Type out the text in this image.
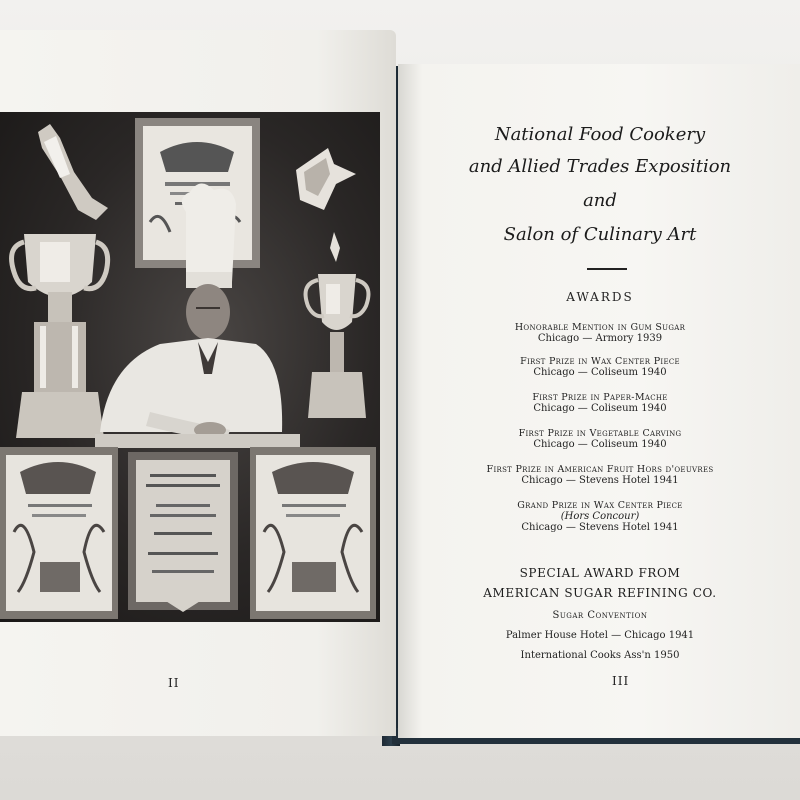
II
National Food Cookery
and Allied Trades Exposition
and
Salon of Culinary Art
AWARDS
Honorable Mention in Gum Sugar
Chicago — Armory 1939
First Prize in Wax Center Piece
Chicago — Coliseum 1940
First Prize in Paper-Mache
Chicago — Coliseum 1940
First Prize in Vegetable Carving
Chicago — Coliseum 1940
First Prize in American Fruit Hors d'oeuvres
Chicago — Stevens Hotel 1941
Grand Prize in Wax Center Piece
(Hors Concour)
Chicago — Stevens Hotel 1941
SPECIAL AWARD FROM
AMERICAN SUGAR REFINING CO.
Sugar Convention
Palmer House Hotel — Chicago 1941
International Cooks Ass'n 1950
III
